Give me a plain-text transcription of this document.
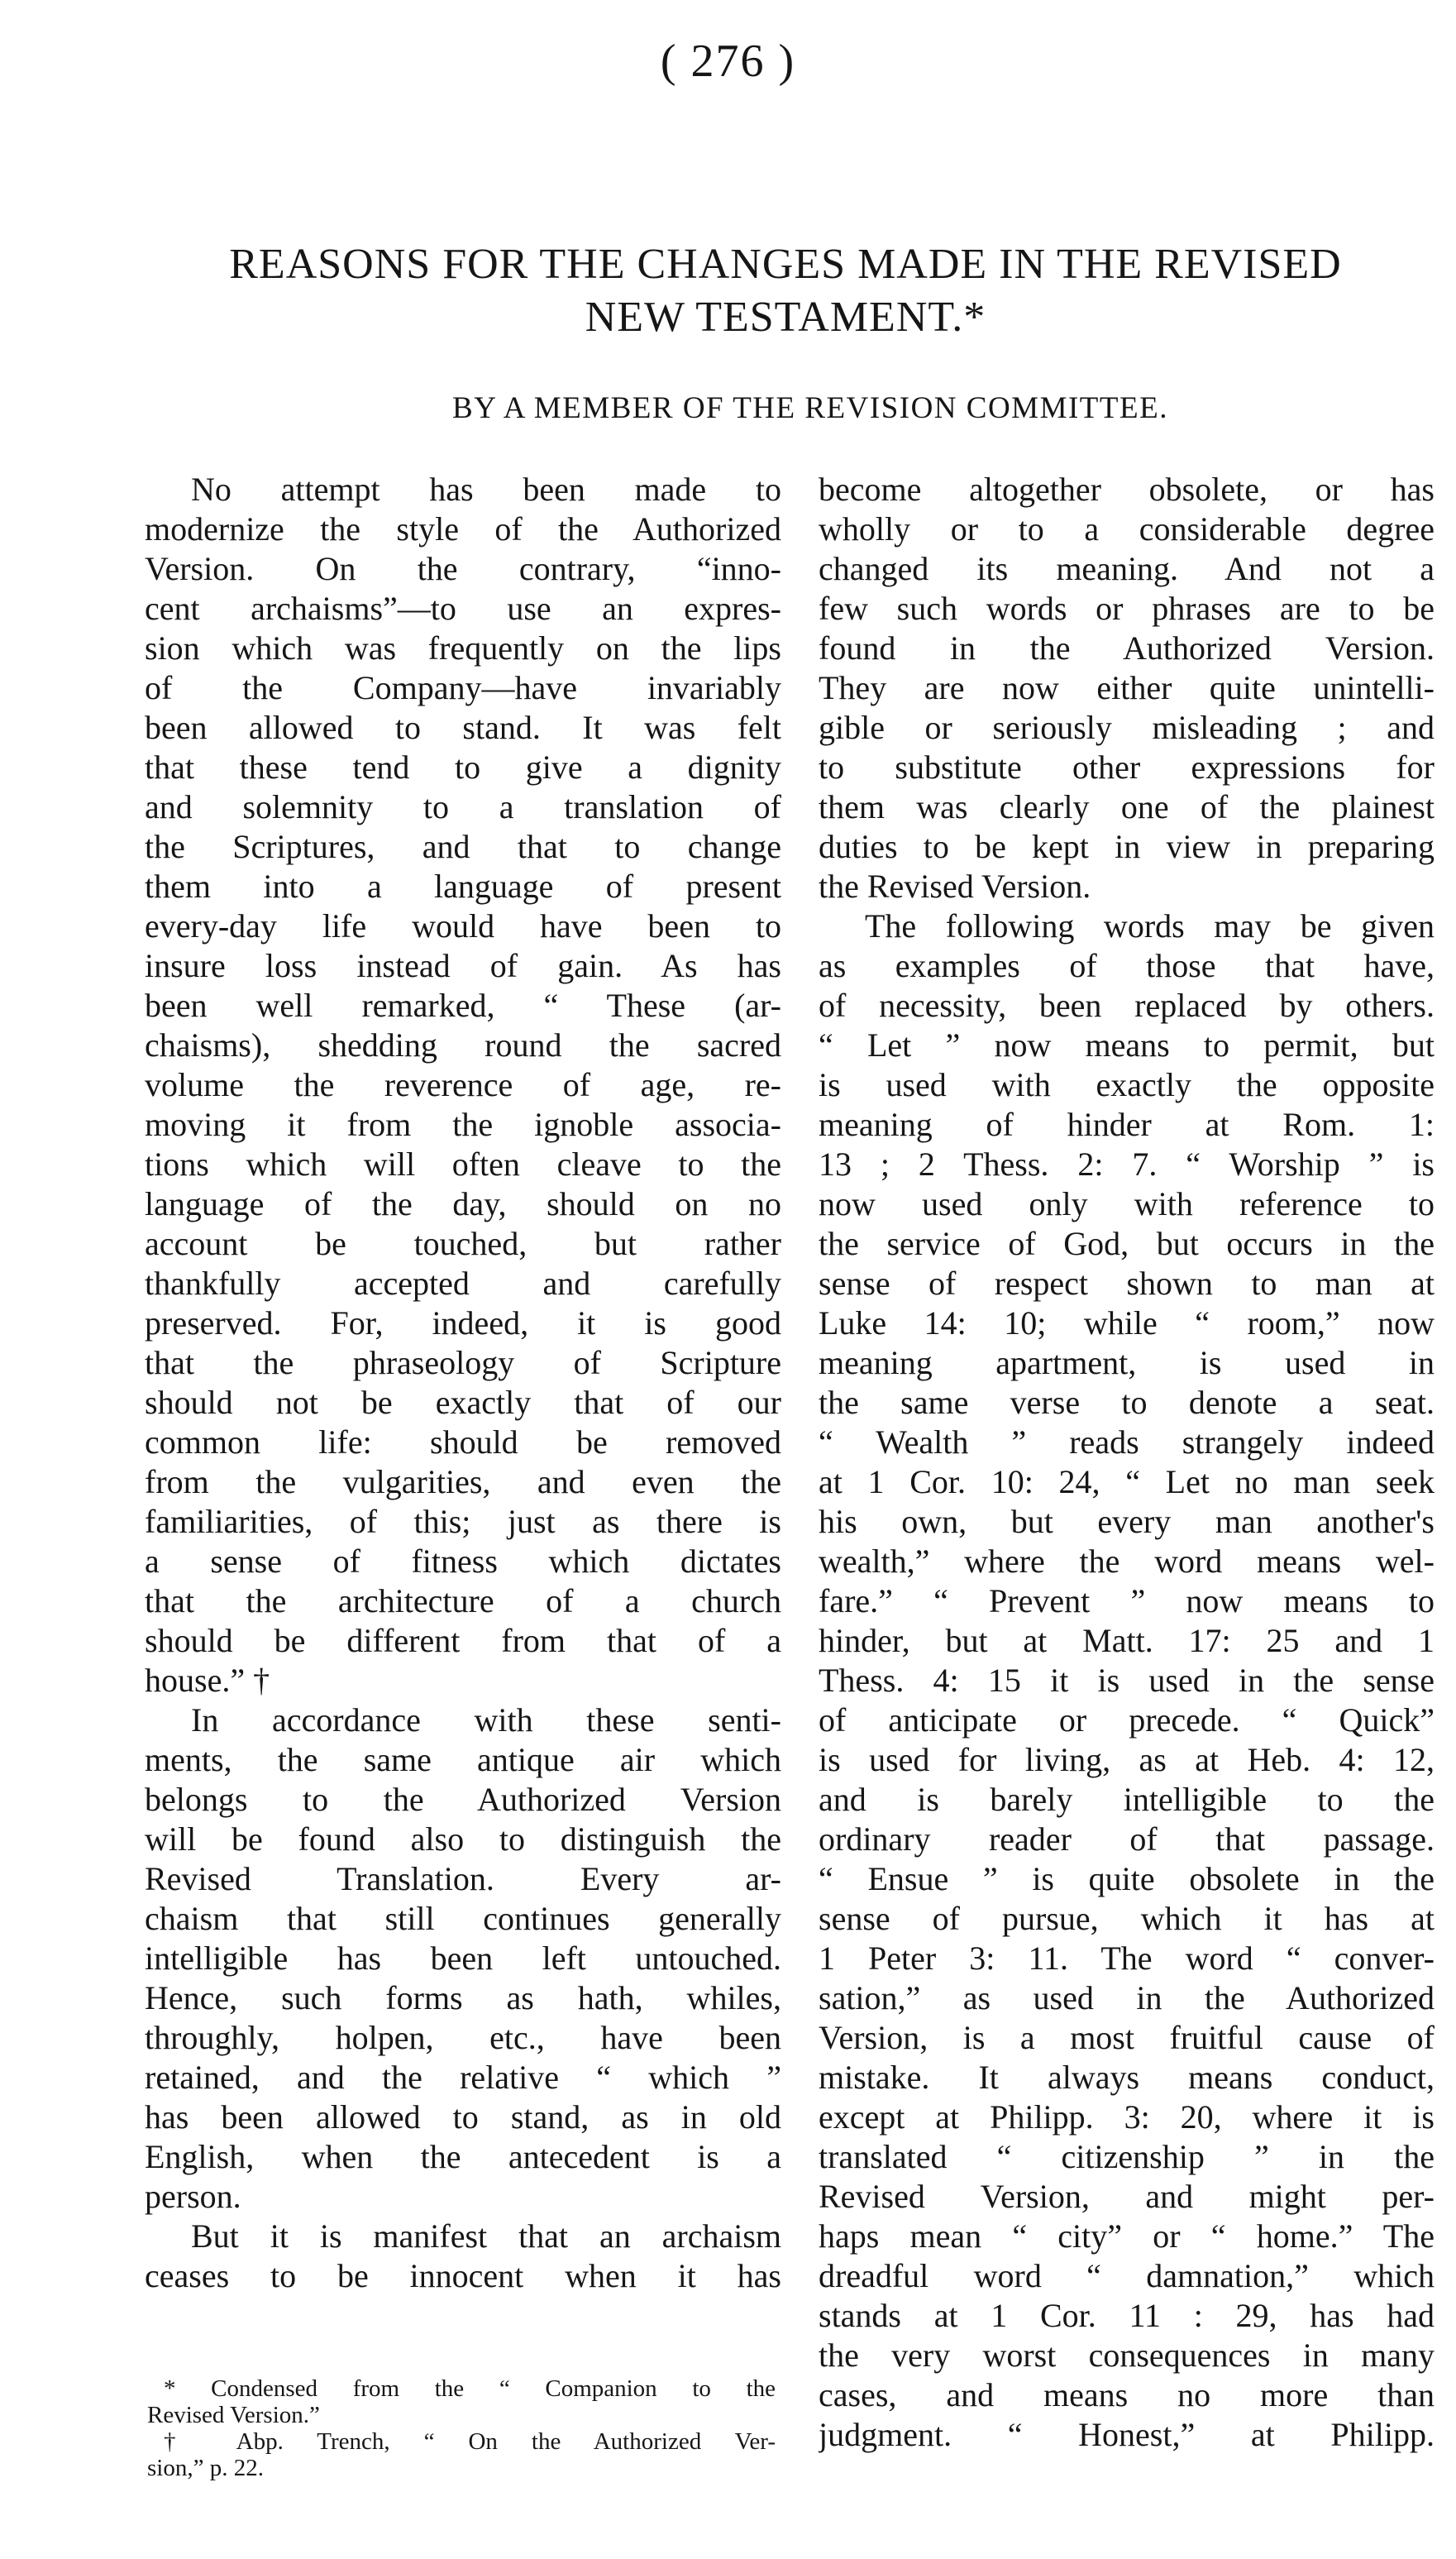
( 276 )
REASONS FOR THE CHANGES MADE IN THE REVISED
NEW TESTAMENT.*
BY A MEMBER OF THE REVISION COMMITTEE.
No attempt has been made to
modernize the style of the Authorized
Version. On the contrary, “inno-
cent archaisms”—to use an expres-
sion which was frequently on the lips
of the Company—have invariably
been allowed to stand. It was felt
that these tend to give a dignity
and solemnity to a translation of
the Scriptures, and that to change
them into a language of present
every-day life would have been to
insure loss instead of gain. As has
been well remarked, “ These (ar-
chaisms), shedding round the sacred
volume the reverence of age, re-
moving it from the ignoble associa-
tions which will often cleave to the
language of the day, should on no
account be touched, but rather
thankfully accepted and carefully
preserved. For, indeed, it is good
that the phraseology of Scripture
should not be exactly that of our
common life: should be removed
from the vulgarities, and even the
familiarities, of this; just as there is
a sense of fitness which dictates
that the architecture of a church
should be different from that of a
house.” †
In accordance with these senti-
ments, the same antique air which
belongs to the Authorized Version
will be found also to distinguish the
Revised Translation. Every ar-
chaism that still continues generally
intelligible has been left untouched.
Hence, such forms as hath, whiles,
throughly, holpen, etc., have been
retained, and the relative “ which ”
has been allowed to stand, as in old
English, when the antecedent is a
person.
But it is manifest that an archaism
ceases to be innocent when it has
become altogether obsolete, or has
wholly or to a considerable degree
changed its meaning. And not a
few such words or phrases are to be
found in the Authorized Version.
They are now either quite unintelli-
gible or seriously misleading ; and
to substitute other expressions for
them was clearly one of the plainest
duties to be kept in view in preparing
the Revised Version.
The following words may be given
as examples of those that have,
of necessity, been replaced by others.
“ Let ” now means to permit, but
is used with exactly the opposite
meaning of hinder at Rom. 1:
13 ; 2 Thess. 2: 7. “ Worship ” is
now used only with reference to
the service of God, but occurs in the
sense of respect shown to man at
Luke 14: 10; while “ room,” now
meaning apartment, is used in
the same verse to denote a seat.
“ Wealth ” reads strangely indeed
at 1 Cor. 10: 24, “ Let no man seek
his own, but every man another's
wealth,” where the word means wel-
fare.” “ Prevent ” now means to
hinder, but at Matt. 17: 25 and 1
Thess. 4: 15 it is used in the sense
of anticipate or precede. “ Quick”
is used for living, as at Heb. 4: 12,
and is barely intelligible to the
ordinary reader of that passage.
“ Ensue ” is quite obsolete in the
sense of pursue, which it has at
1 Peter 3: 11. The word “ conver-
sation,” as used in the Authorized
Version, is a most fruitful cause of
mistake. It always means conduct,
except at Philipp. 3: 20, where it is
translated “ citizenship ” in the
Revised Version, and might per-
haps mean “ city” or “ home.” The
dreadful word “ damnation,” which
stands at 1 Cor. 11 : 29, has had
the very worst consequences in many
cases, and means no more than
judgment. “ Honest,” at Philipp.
* Condensed from the “ Companion to the
Revised Version.”
† Abp. Trench, “ On the Authorized Ver-
sion,” p. 22.
